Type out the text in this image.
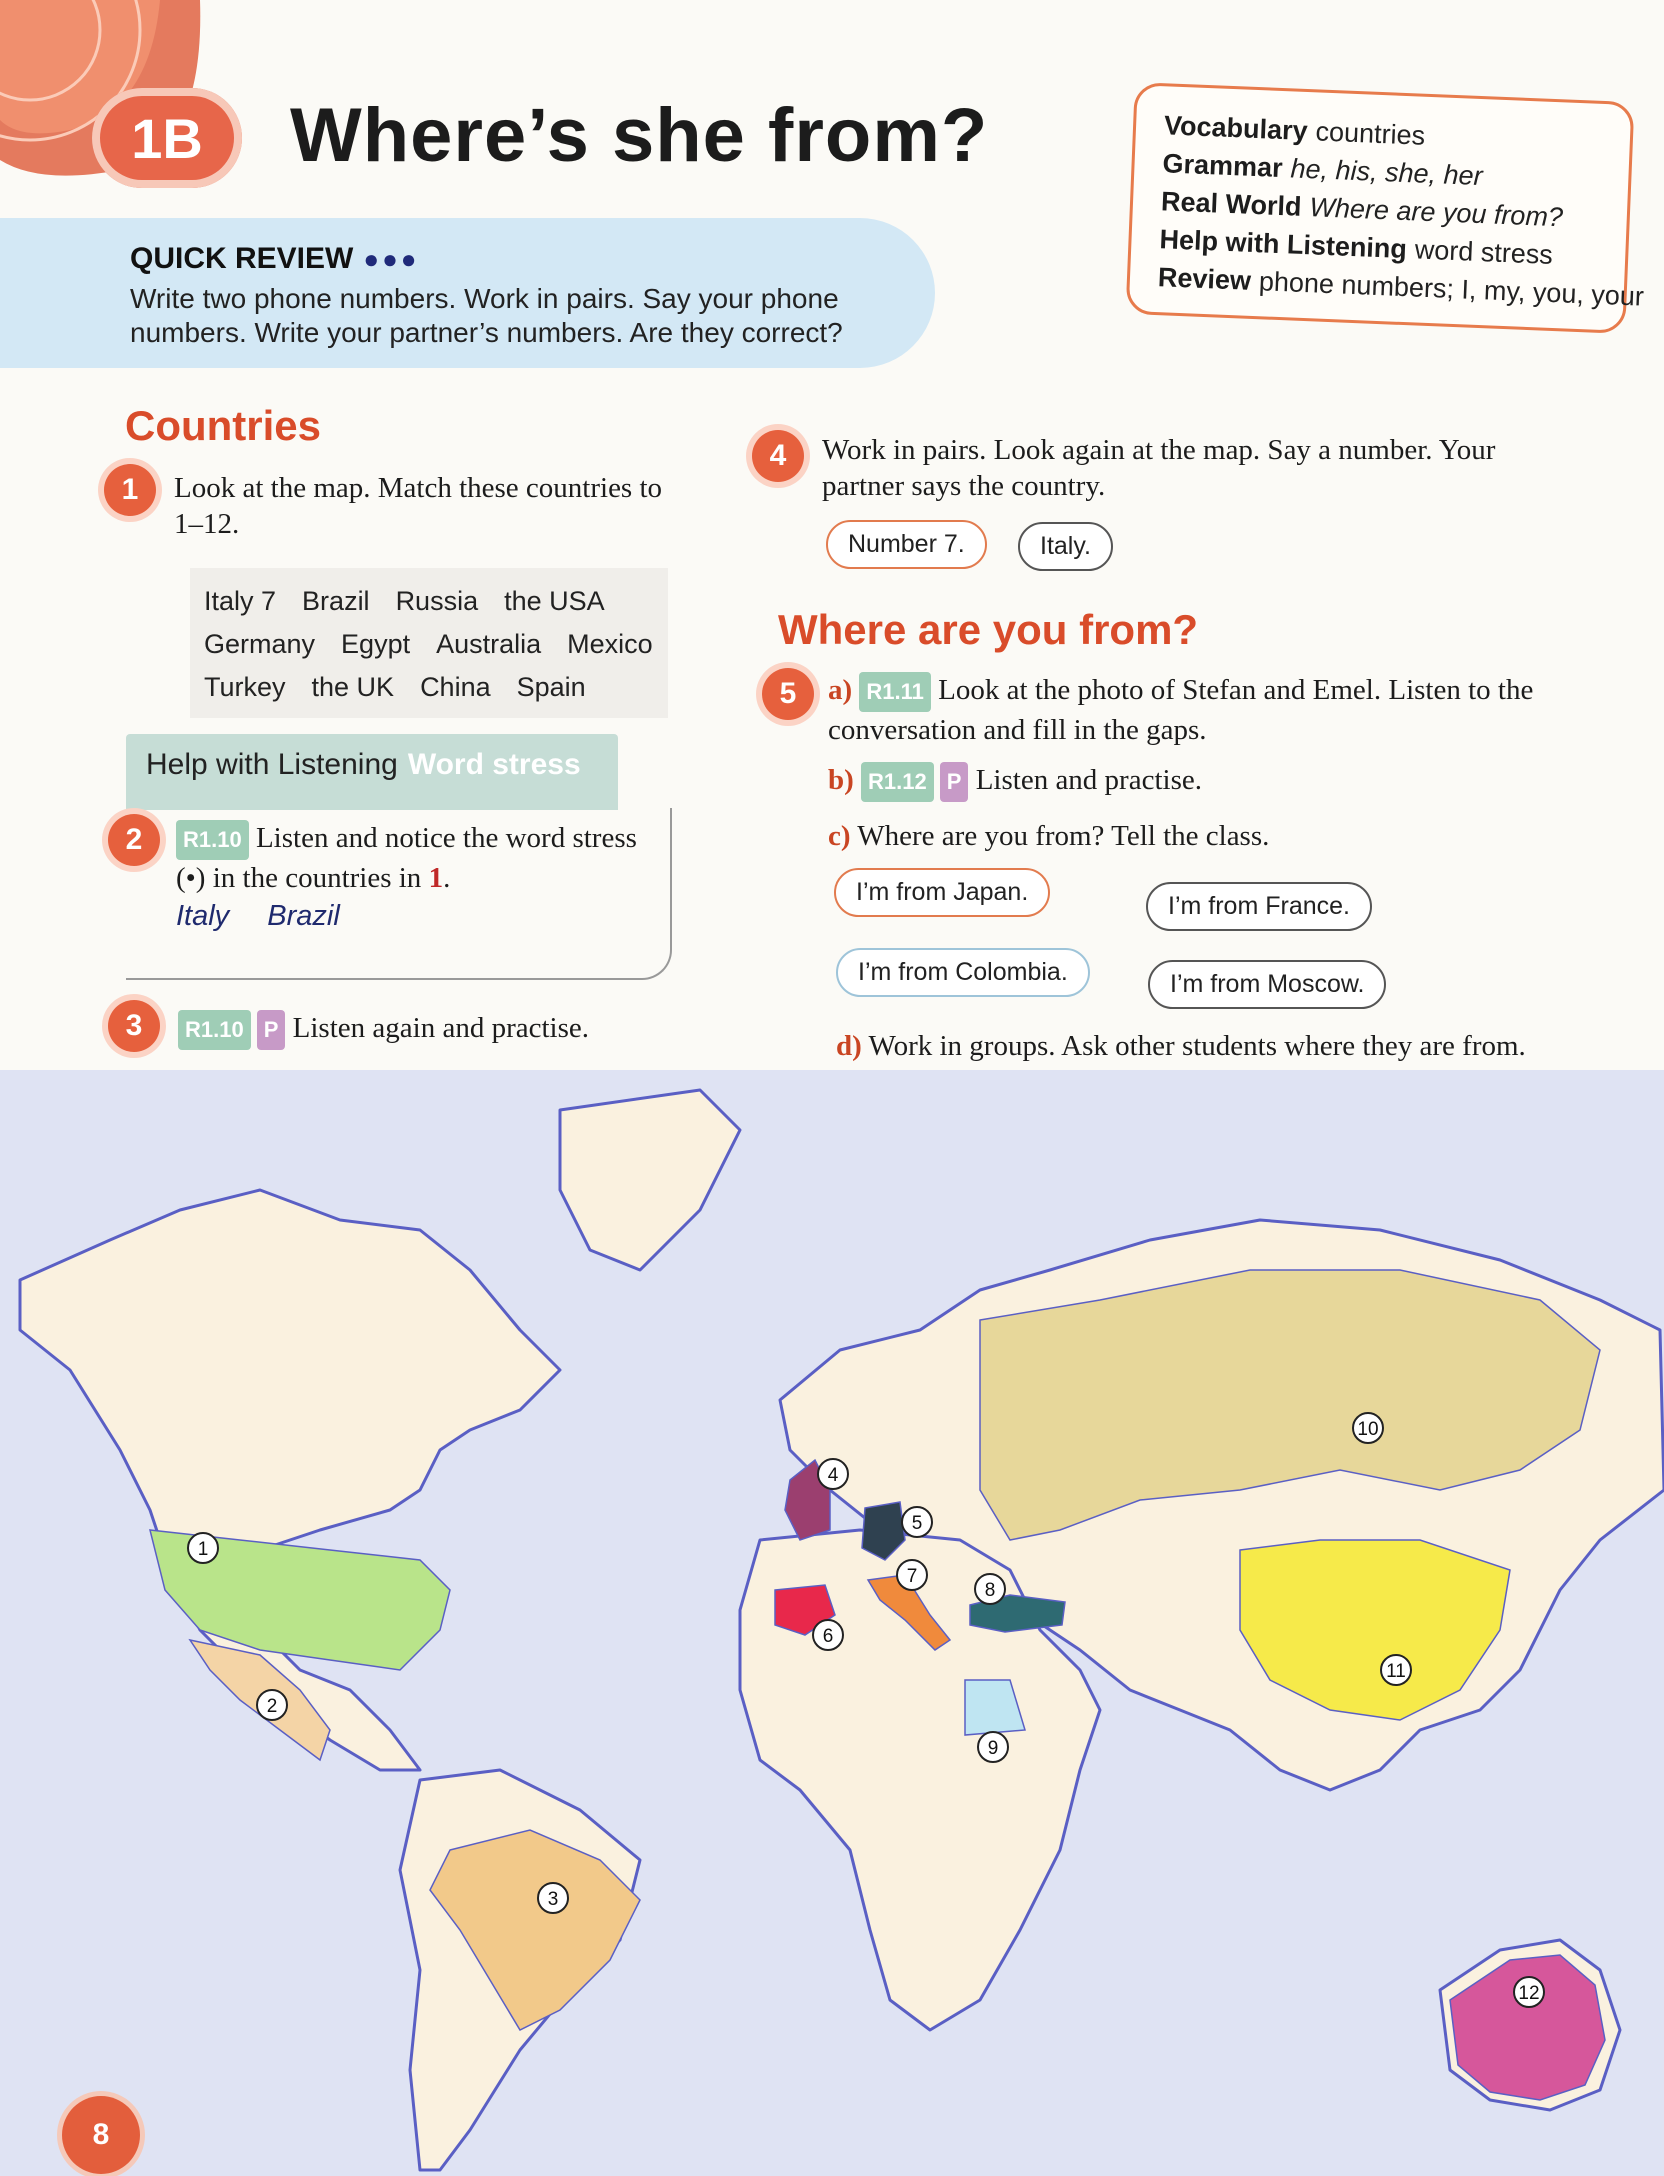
1B	Where’s she from?	Vocabulary countries
Grammar he, his, she, her
Real World Where are you from?
Help with Listening word stress
Review phone numbers; I, my, you, your
QUICK REVIEW ●●●
Write two phone numbers. Work in pairs. Say your phone numbers. Write your partner’s numbers. Are they correct?
Countries
1	Look at the map. Match these countries to 1–12.
Italy 7 Brazil Russia the USA
Germany Egypt Australia Mexico
Turkey the UK China Spain
Help with Listening Word stress
2	R1.10 Listen and notice the word stress (•) in the countries in 1.
Italy Brazil
3	R1.10 P Listen again and practise.
4	Work in pairs. Look again at the map. Say a number. Your partner says the country.
Number 7.	Italy.
Where are you from?
5	a) R1.11 Look at the photo of Stefan and Emel. Listen to the conversation and fill in the gaps.
b) R1.12 P Listen and practise.
c) Where are you from? Tell the class.
I’m from Japan.	I’m from France.
I’m from Colombia.	I’m from Moscow.
d) Work in groups. Ask other students where they are from.
1
2
3
4
5
6
7
8
9
10
11
12
8
